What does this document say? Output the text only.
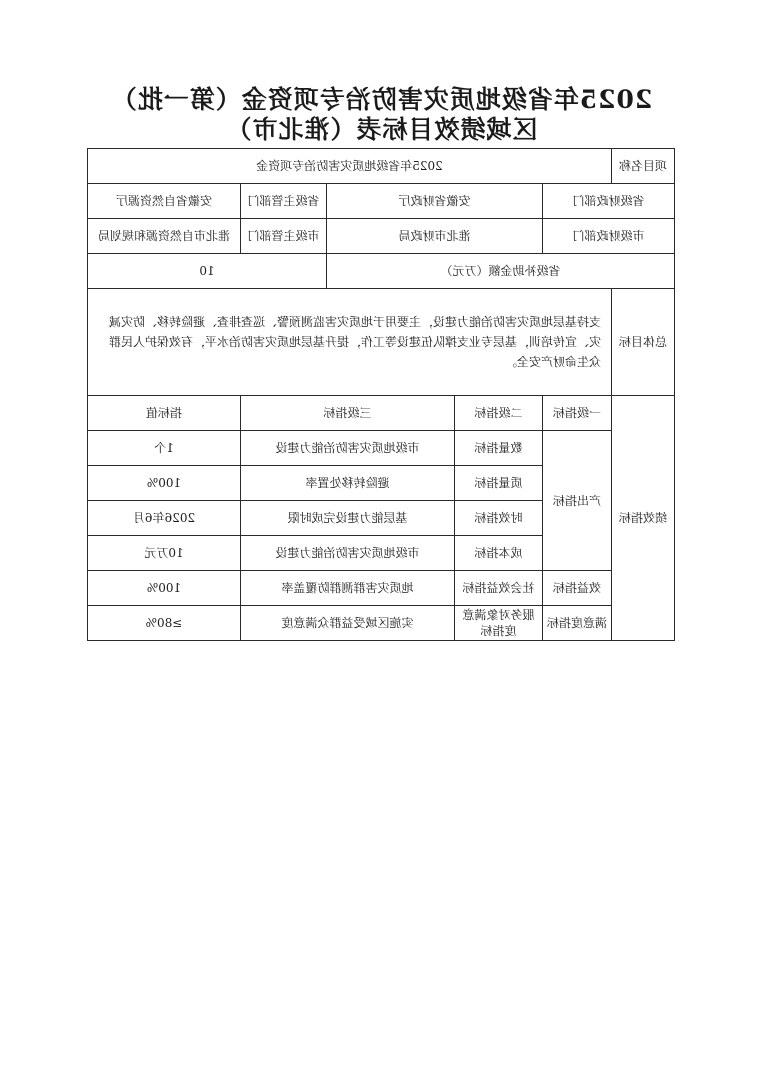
2025年省级地质灾害防治专项资金（第一批）
区域绩效目标表（淮北市）
项目名称	2025年省级地质灾害防治专项资金				
省级财政部门		安徽省财政厅		省级主管部门	安徽省自然资源厅
市级财政部门		淮北市财政局		市级主管部门	淮北市自然资源和规划局
省级补助金额（万元）				10	
总体目标	支持基层地质灾害防治能力建设，主要用于地质灾害监测预警、巡查排查、避险转移、防灾减灾、宣传培训，基层专业支撑队伍建设等工作，提升基层地质灾害防治水平，有效保护人民群众生命财产安全。				
绩效指标	一级指标	二级指标	三级指标		指标值
	产出指标	数量指标	市级地质灾害防治能力建设		1个
		质量指标	避险转移处置率		100%
		时效指标	基层能力建设完成时限		2026年6月
		成本指标	市级地质灾害防治能力建设		10万元
	效益指标	社会效益指标	地质灾害群测群防覆盖率		100%
	满意度指标	服务对象满意度指标	实施区域受益群众满意度		≥80%
